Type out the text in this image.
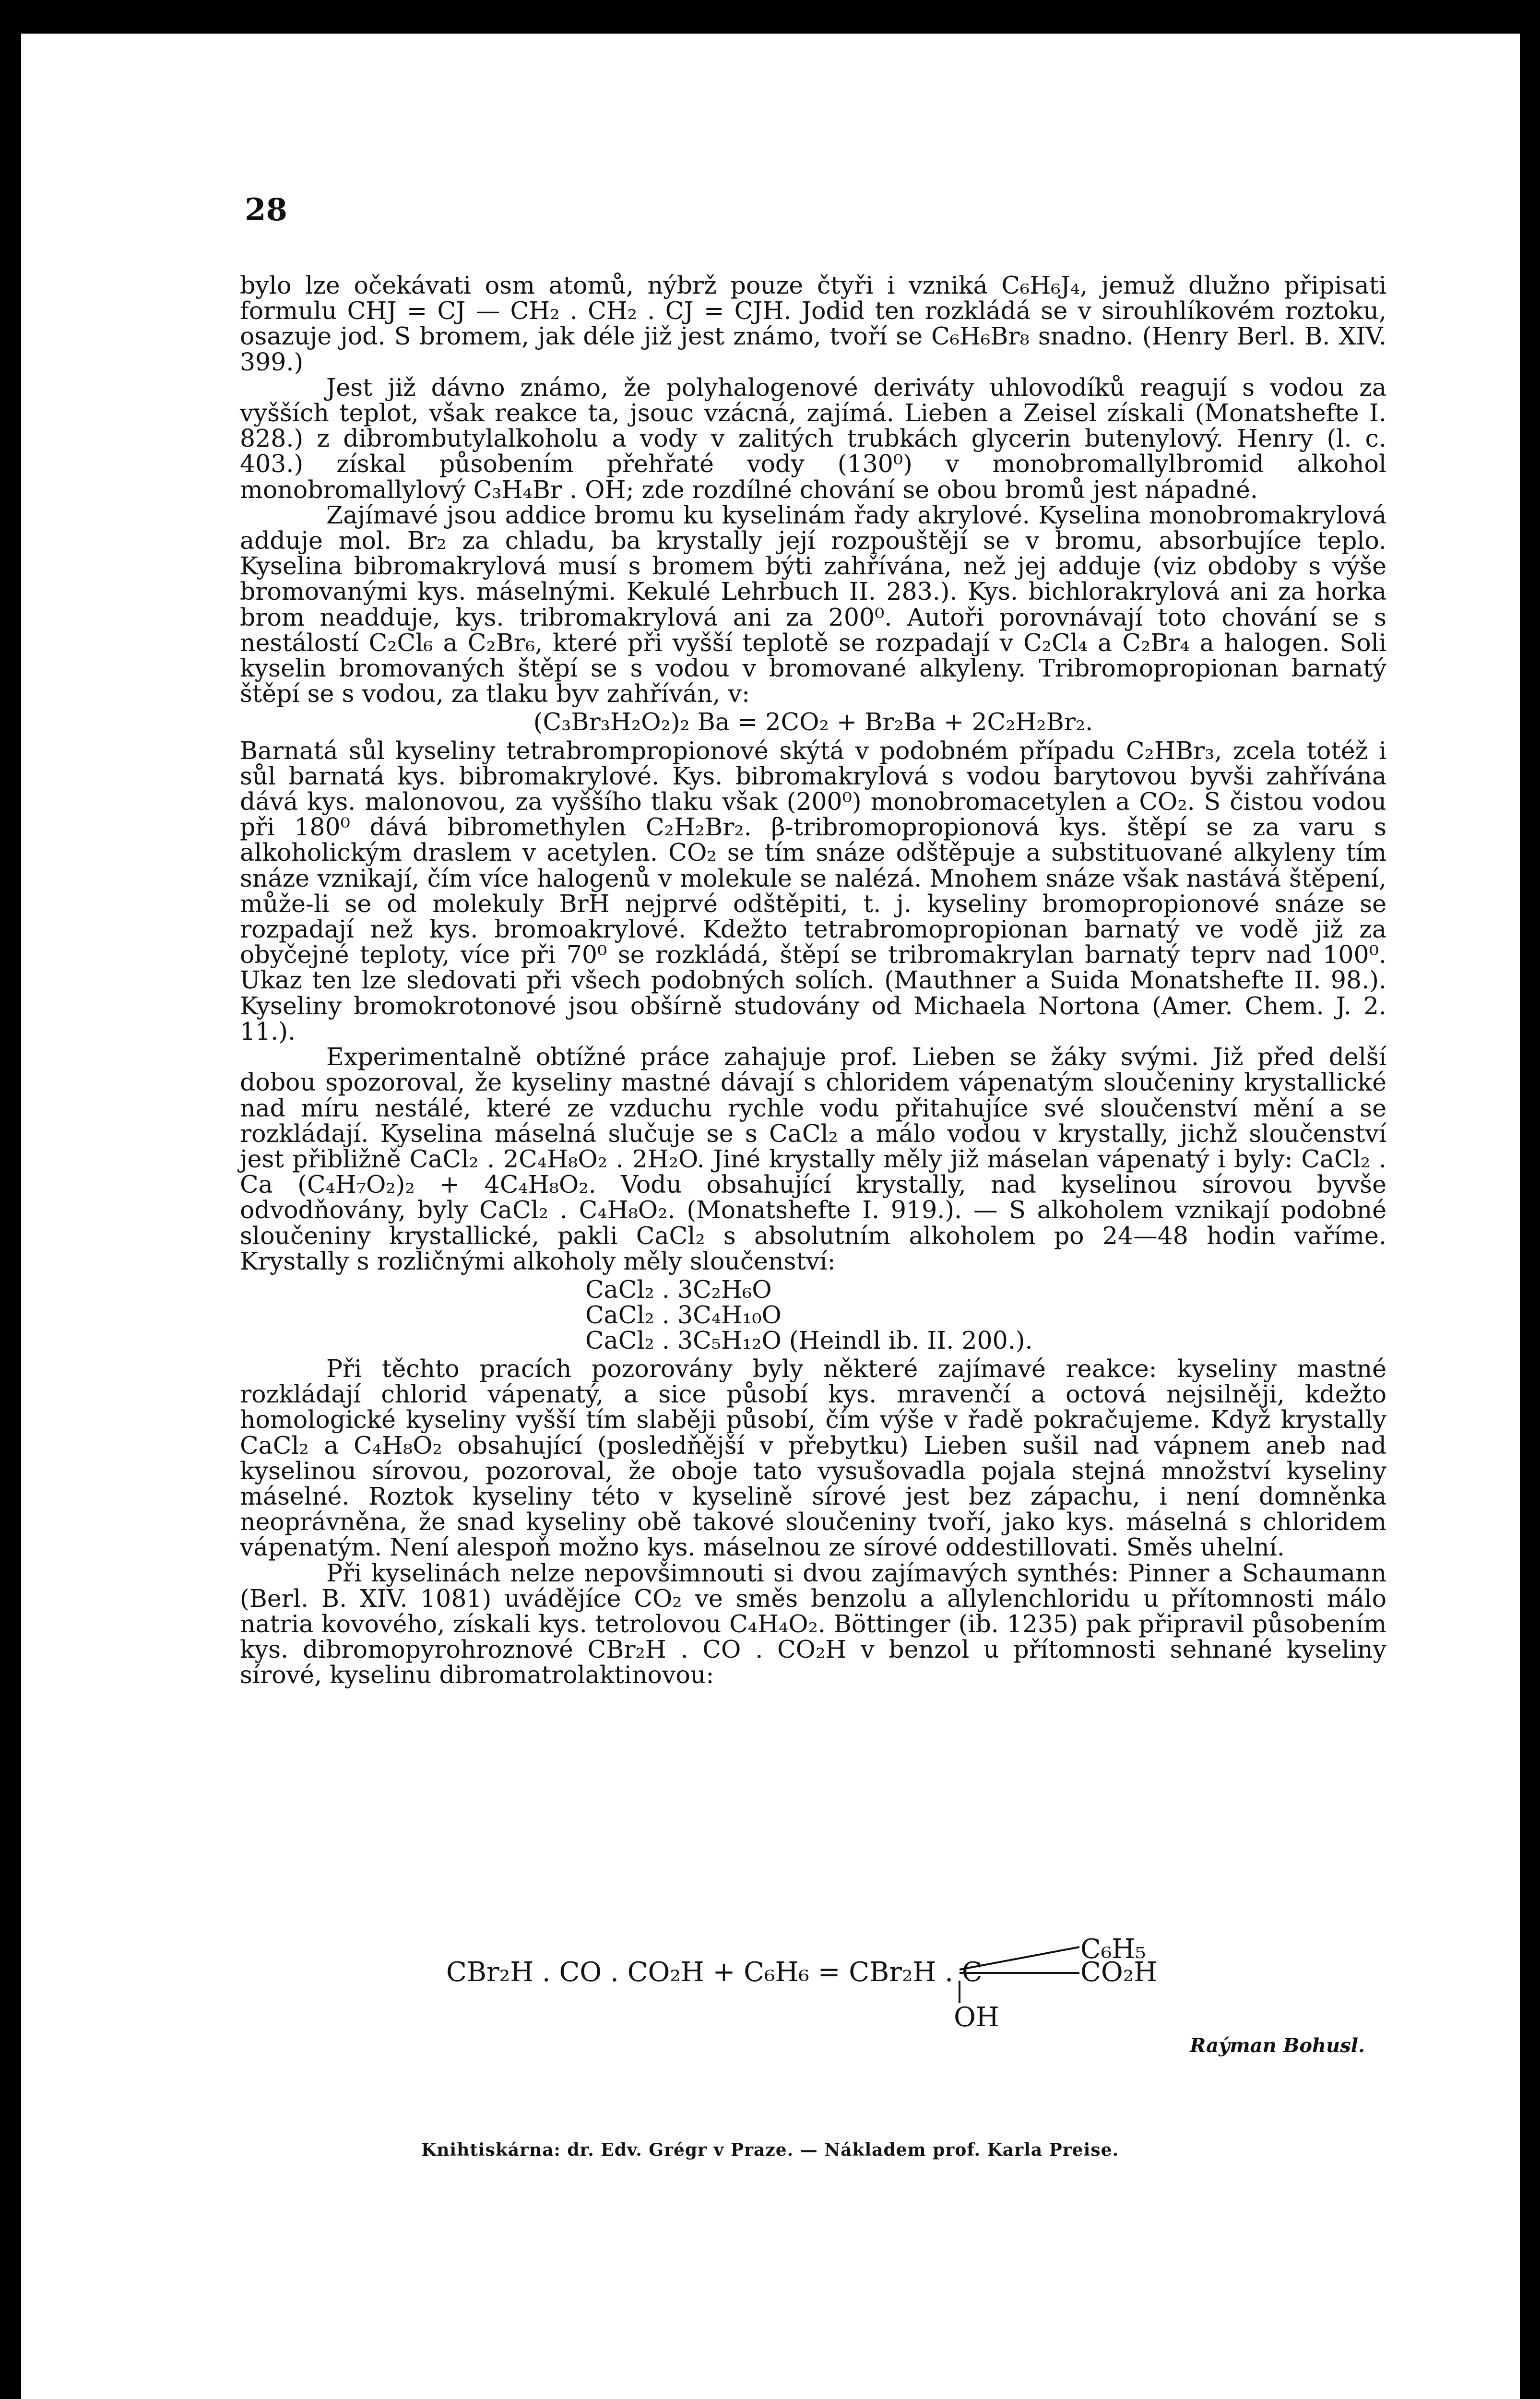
28

bylo lze očekávati osm atomů, nýbrž pouze čtyři i vzniká C₆H₆J₄, jemuž dlužno připisati formulu CHJ = CJ — CH₂ . CH₂ . CJ = CJH. Jodid ten rozkládá se v sirouhlíkovém roztoku, osazuje jod. S bromem, jak déle již jest známo, tvoří se C₆H₆Br₈ snadno. (Henry Berl. B. XIV. 399.)

Jest již dávno známo, že polyhalogenové deriváty uhlovodíků reagují s vodou za vyšších teplot, však reakce ta, jsouc vzácná, zajímá. Lieben a Zeisel získali (Monatshefte I. 828.) z dibrombutylalkoholu a vody v zalitých trubkách glycerin butenylový. Henry (l. c. 403.) získal působením přehřaté vody (130⁰) v monobromallylbromid alkohol monobromallylový C₃H₄Br . OH; zde rozdílné chování se obou bromů jest nápadné.

Zajímavé jsou addice bromu ku kyselinám řady akrylové. Kyselina monobromakrylová adduje mol. Br₂ za chladu, ba krystally její rozpouštějí se v bromu, absorbujíce teplo. Kyselina bibromakrylová musí s bromem býti zahřívána, než jej adduje (viz obdoby s výše bromovanými kys. máselnými. Kekulé Lehrbuch II. 283.). Kys. bichlorakrylová ani za horka brom neadduje, kys. tribromakrylová ani za 200⁰. Autoři porovnávají toto chování se s nestálostí C₂Cl₆ a C₂Br₆, které při vyšší teplotě se rozpadají v C₂Cl₄ a C₂Br₄ a halogen. Soli kyselin bromovaných štěpí se s vodou v bromované alkyleny. Tribromopropionan barnatý štěpí se s vodou, za tlaku byv zahříván, v:

(C₃Br₃H₂O₂)₂ Ba = 2CO₂ + Br₂Ba + 2C₂H₂Br₂.

Barnatá sůl kyseliny tetrabrompropionové skýtá v podobném případu C₂HBr₃, zcela totéž i sůl barnatá kys. bibromakrylové. Kys. bibromakrylová s vodou barytovou byvši zahřívána dává kys. malonovou, za vyššího tlaku však (200⁰) monobromacetylen a CO₂. S čistou vodou při 180⁰ dává bibromethylen C₂H₂Br₂. β-tribromopropionová kys. štěpí se za varu s alkoholickým draslem v acetylen. CO₂ se tím snáze odštěpuje a substituované alkyleny tím snáze vznikají, čím více halogenů v molekule se nalézá. Mnohem snáze však nastává štěpení, může-li se od molekuly BrH nejprvé odštěpiti, t. j. kyseliny bromopropionové snáze se rozpadají než kys. bromoakrylové. Kdežto tetrabromopropionan barnatý ve vodě již za obyčejné teploty, více při 70⁰ se rozkládá, štěpí se tribromakrylan barnatý teprv nad 100⁰. Ukaz ten lze sledovati při všech podobných solích. (Mauthner a Suida Monatshefte II. 98.). Kyseliny bromokrotonové jsou obšírně studovány od Michaela Nortona (Amer. Chem. J. 2. 11.).

Experimentalně obtížné práce zahajuje prof. Lieben se žáky svými. Již před delší dobou spozoroval, že kyseliny mastné dávají s chloridem vápenatým sloučeniny krystallické nad míru nestálé, které ze vzduchu rychle vodu přitahujíce své sloučenství mění a se rozkládají. Kyselina máselná slučuje se s CaCl₂ a málo vodou v krystally, jichž sloučenství jest přibližně CaCl₂ . 2C₄H₈O₂ . 2H₂O. Jiné krystally měly již máselan vápenatý i byly: CaCl₂ . Ca (C₄H₇O₂)₂ + 4C₄H₈O₂. Vodu obsahující krystally, nad kyselinou sírovou byvše odvodňovány, byly CaCl₂ . C₄H₈O₂. (Monatshefte I. 919.). — S alkoholem vznikají podobné sloučeniny krystallické, pakli CaCl₂ s absolutním alkoholem po 24—48 hodin vaříme. Krystally s rozličnými alkoholy měly sloučenství:

CaCl₂ . 3C₂H₆O
CaCl₂ . 3C₄H₁₀O
CaCl₂ . 3C₅H₁₂O (Heindl ib. II. 200.).

Při těchto pracích pozorovány byly některé zajímavé reakce: kyseliny mastné rozkládají chlorid vápenatý, a sice působí kys. mravenčí a octová nejsilněji, kdežto homologické kyseliny vyšší tím slaběji působí, čím výše v řadě pokračujeme. Když krystally CaCl₂ a C₄H₈O₂ obsahující (posledňější v přebytku) Lieben sušil nad vápnem aneb nad kyselinou sírovou, pozoroval, že oboje tato vysušovadla pojala stejná množství kyseliny máselné. Roztok kyseliny této v kyselině sírové jest bez zápachu, i není domněnka neoprávněna, že snad kyseliny obě takové sloučeniny tvoří, jako kys. máselná s chloridem vápenatým. Není alespoň možno kys. máselnou ze sírové oddestillovati. Směs uhelní.

Při kyselinách nelze nepovšimnouti si dvou zajímavých synthés: Pinner a Schaumann (Berl. B. XIV. 1081) uvádějíce CO₂ ve směs benzolu a allylenchloridu u přítomnosti málo natria kovového, získali kys. tetrolovou C₄H₄O₂. Böttinger (ib. 1235) pak připravil působením kys. dibromopyrohroznové CBr₂H . CO . CO₂H v benzol u přítomnosti sehnané kyseliny sírové, kyselinu dibromatrolaktinovou:

CBr₂H . CO . CO₂H + C₆H₆ = CBr₂H . C
C₆H₅
CO₂H
OH
Raýman Bohusl.
Knihtiskárna: dr. Edv. Grégr v Praze. — Nákladem prof. Karla Preise.
